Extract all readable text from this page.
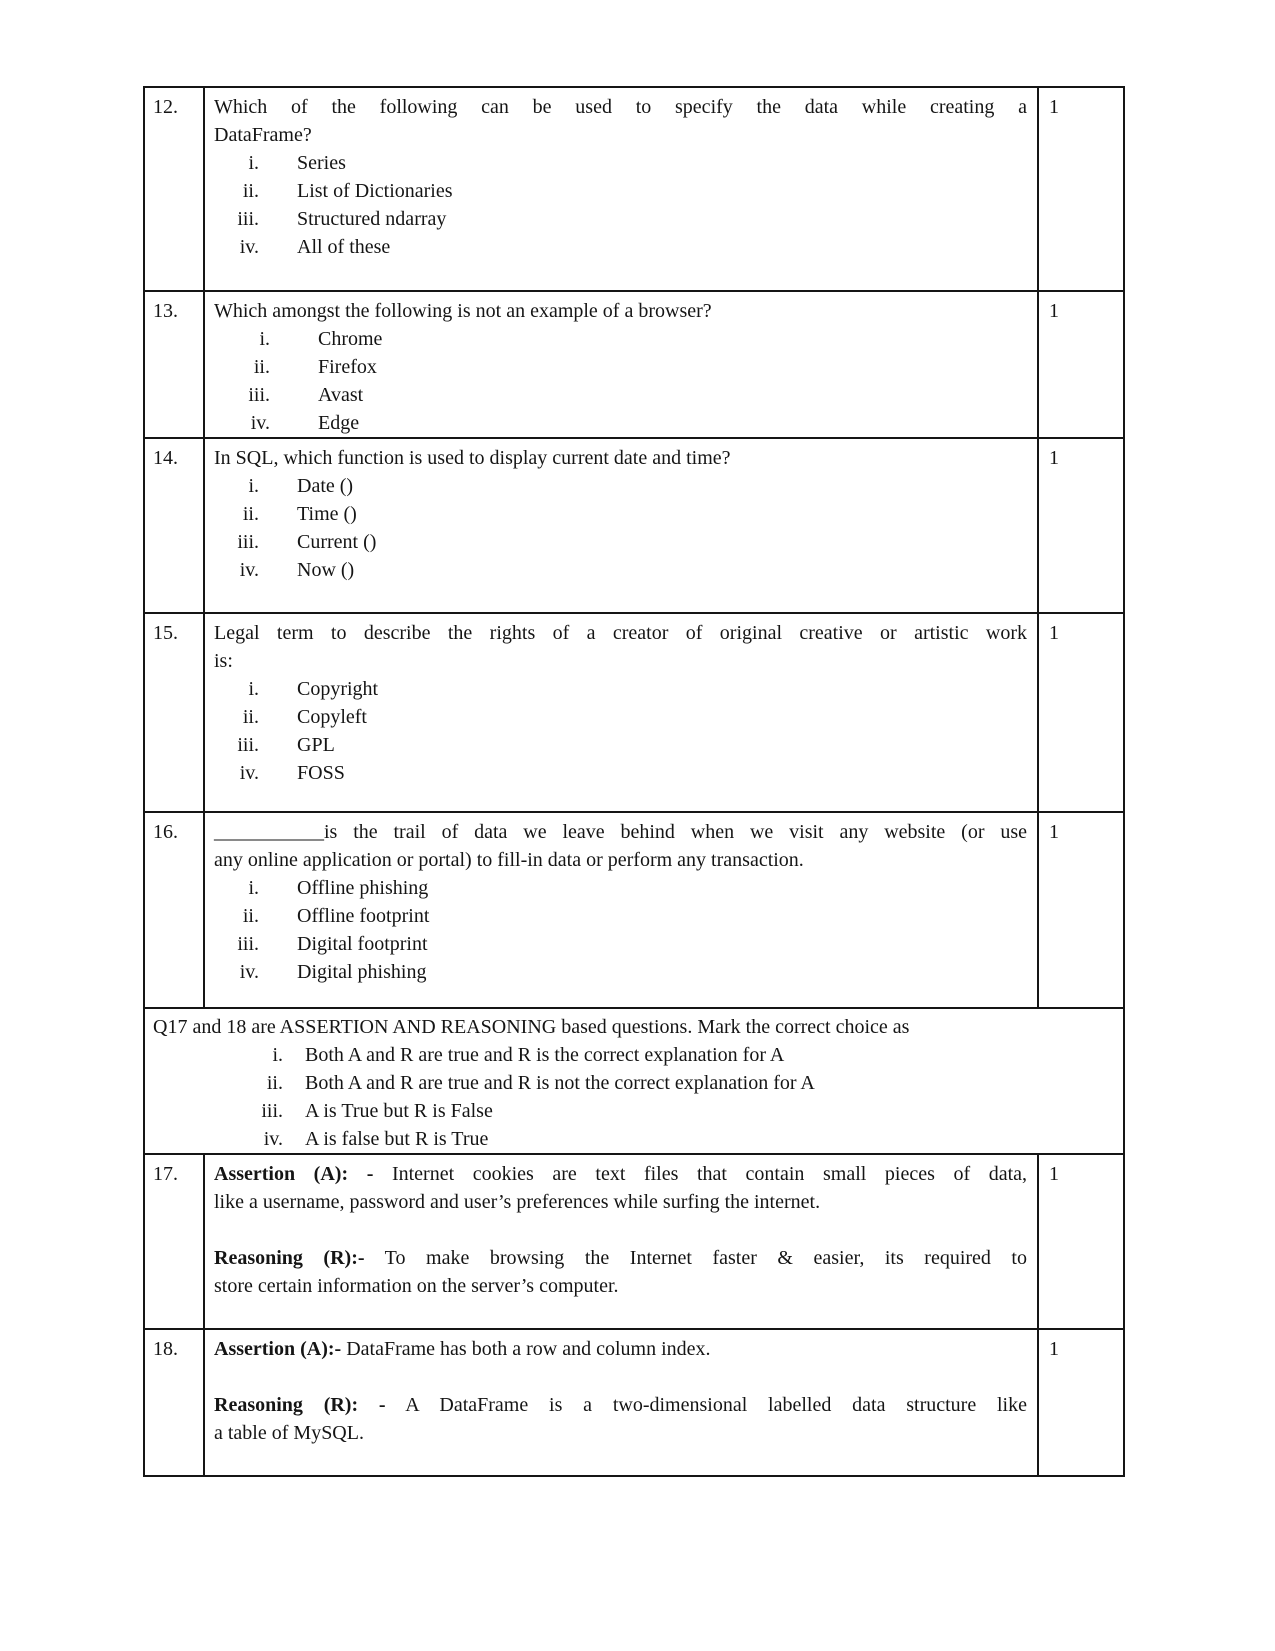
12.	Which of the following can be used to specify the data while creating a
DataFrame?
i. Series
ii. List of Dictionaries
iii. Structured ndarray
iv. All of these
	1
13.	Which amongst the following is not an example of a browser?
i. Chrome
ii. Firefox
iii. Avast
iv. Edge
	1
14.	In SQL, which function is used to display current date and time?
i. Date ()
ii. Time ()
iii. Current ()
iv. Now ()
	1
15.	Legal term to describe the rights of a creator of original creative or artistic work
is:
i. Copyright
ii. Copyleft
iii. GPL
iv. FOSS
	1
16.	___________is the trail of data we leave behind when we visit any website (or use
any online application or portal) to fill-in data or perform any transaction.
i. Offline phishing
ii. Offline footprint
iii. Digital footprint
iv. Digital phishing
	1

Q17 and 18 are ASSERTION AND REASONING based questions. Mark the correct choice as
i. Both A and R are true and R is the correct explanation for A
ii. Both A and R are true and R is not the correct explanation for A
iii. A is True but R is False
iv. A is false but R is True

17.	Assertion (A): - Internet cookies are text files that contain small pieces of data,
like a username, password and user’s preferences while surfing the internet.
Reasoning (R):- To make browsing the Internet faster & easier, its required to
store certain information on the server’s computer.	1
18.	Assertion (A):- DataFrame has both a row and column index.
Reasoning (R): - A DataFrame is a two-dimensional labelled data structure like
a table of MySQL.	1
